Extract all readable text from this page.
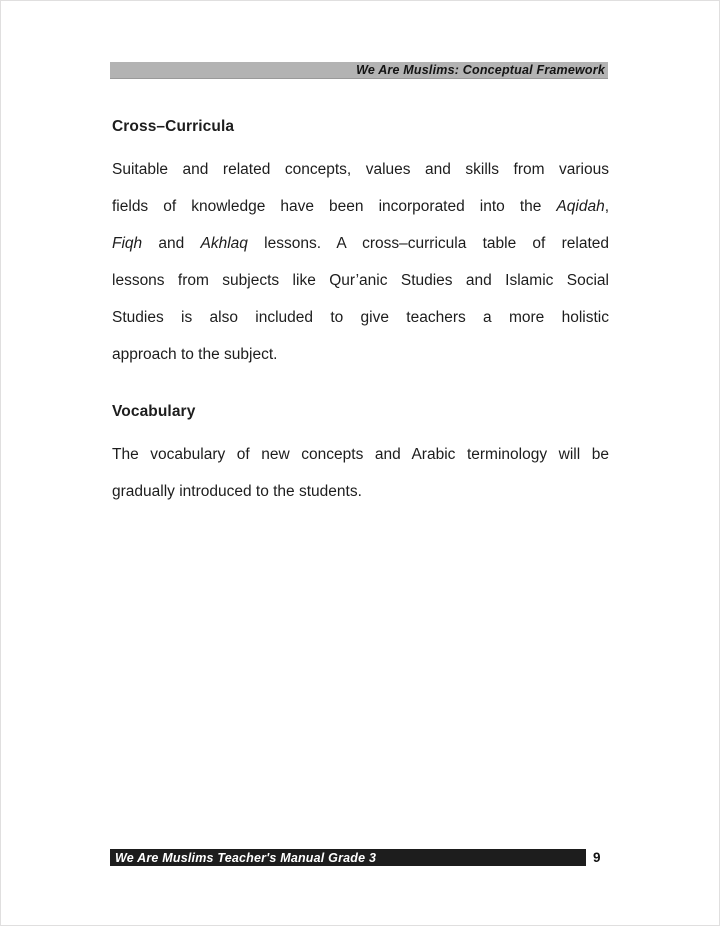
We Are Muslims: Conceptual Framework
Cross–Curricula
Suitable and related concepts, values and skills from various
fields of knowledge have been incorporated into the Aqidah,
Fiqh and Akhlaq lessons. A cross–curricula table of related
lessons from subjects like Qur’anic Studies and Islamic Social
Studies is also included to give teachers a more holistic
approach to the subject.
Vocabulary
The vocabulary of new concepts and Arabic terminology will be
gradually introduced to the students.
We Are Muslims Teacher's Manual Grade 3	9
